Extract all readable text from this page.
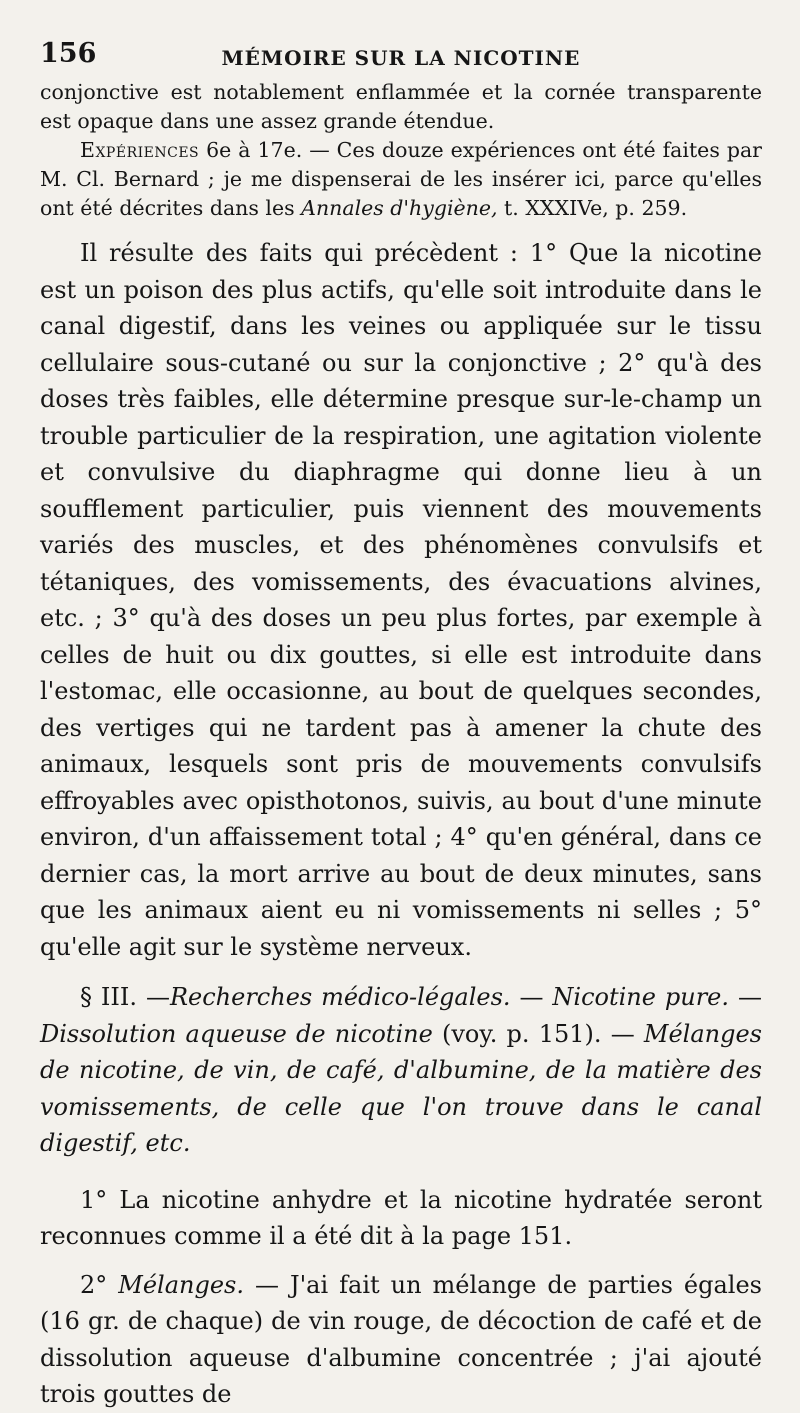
156	MÉMOIRE SUR LA NICOTINE

conjonctive est notablement enflammée et la cornée transparente est opaque dans une assez grande étendue.

Expériences 6e à 17e. — Ces douze expériences ont été faites par M. Cl. Bernard ; je me dispenserai de les insérer ici, parce qu'elles ont été décrites dans les Annales d'hygiène, t. XXXIVe, p. 259.

Il résulte des faits qui précèdent : 1° Que la nicotine est un poison des plus actifs, qu'elle soit introduite dans le canal digestif, dans les veines ou appliquée sur le tissu cellulaire sous-cutané ou sur la conjonctive ; 2° qu'à des doses très faibles, elle détermine presque sur-le-champ un trouble particulier de la respiration, une agitation violente et convulsive du diaphragme qui donne lieu à un soufflement particulier, puis viennent des mouvements variés des muscles, et des phénomènes convulsifs et tétaniques, des vomissements, des évacuations alvines, etc. ; 3° qu'à des doses un peu plus fortes, par exemple à celles de huit ou dix gouttes, si elle est introduite dans l'estomac, elle occasionne, au bout de quelques secondes, des vertiges qui ne tardent pas à amener la chute des animaux, lesquels sont pris de mouvements convulsifs effroyables avec opisthotonos, suivis, au bout d'une minute environ, d'un affaissement total ; 4° qu'en général, dans ce dernier cas, la mort arrive au bout de deux minutes, sans que les animaux aient eu ni vomissements ni selles ; 5° qu'elle agit sur le système nerveux.

§ III. —Recherches médico-légales. — Nicotine pure. — Dissolution aqueuse de nicotine (voy. p. 151). — Mélanges de nicotine, de vin, de café, d'albumine, de la matière des vomissements, de celle que l'on trouve dans le canal digestif, etc.

1° La nicotine anhydre et la nicotine hydratée seront reconnues comme il a été dit à la page 151.

2° Mélanges. — J'ai fait un mélange de parties égales (16 gr. de chaque) de vin rouge, de décoction de café et de dissolution aqueuse d'albumine concentrée ; j'ai ajouté trois gouttes de
